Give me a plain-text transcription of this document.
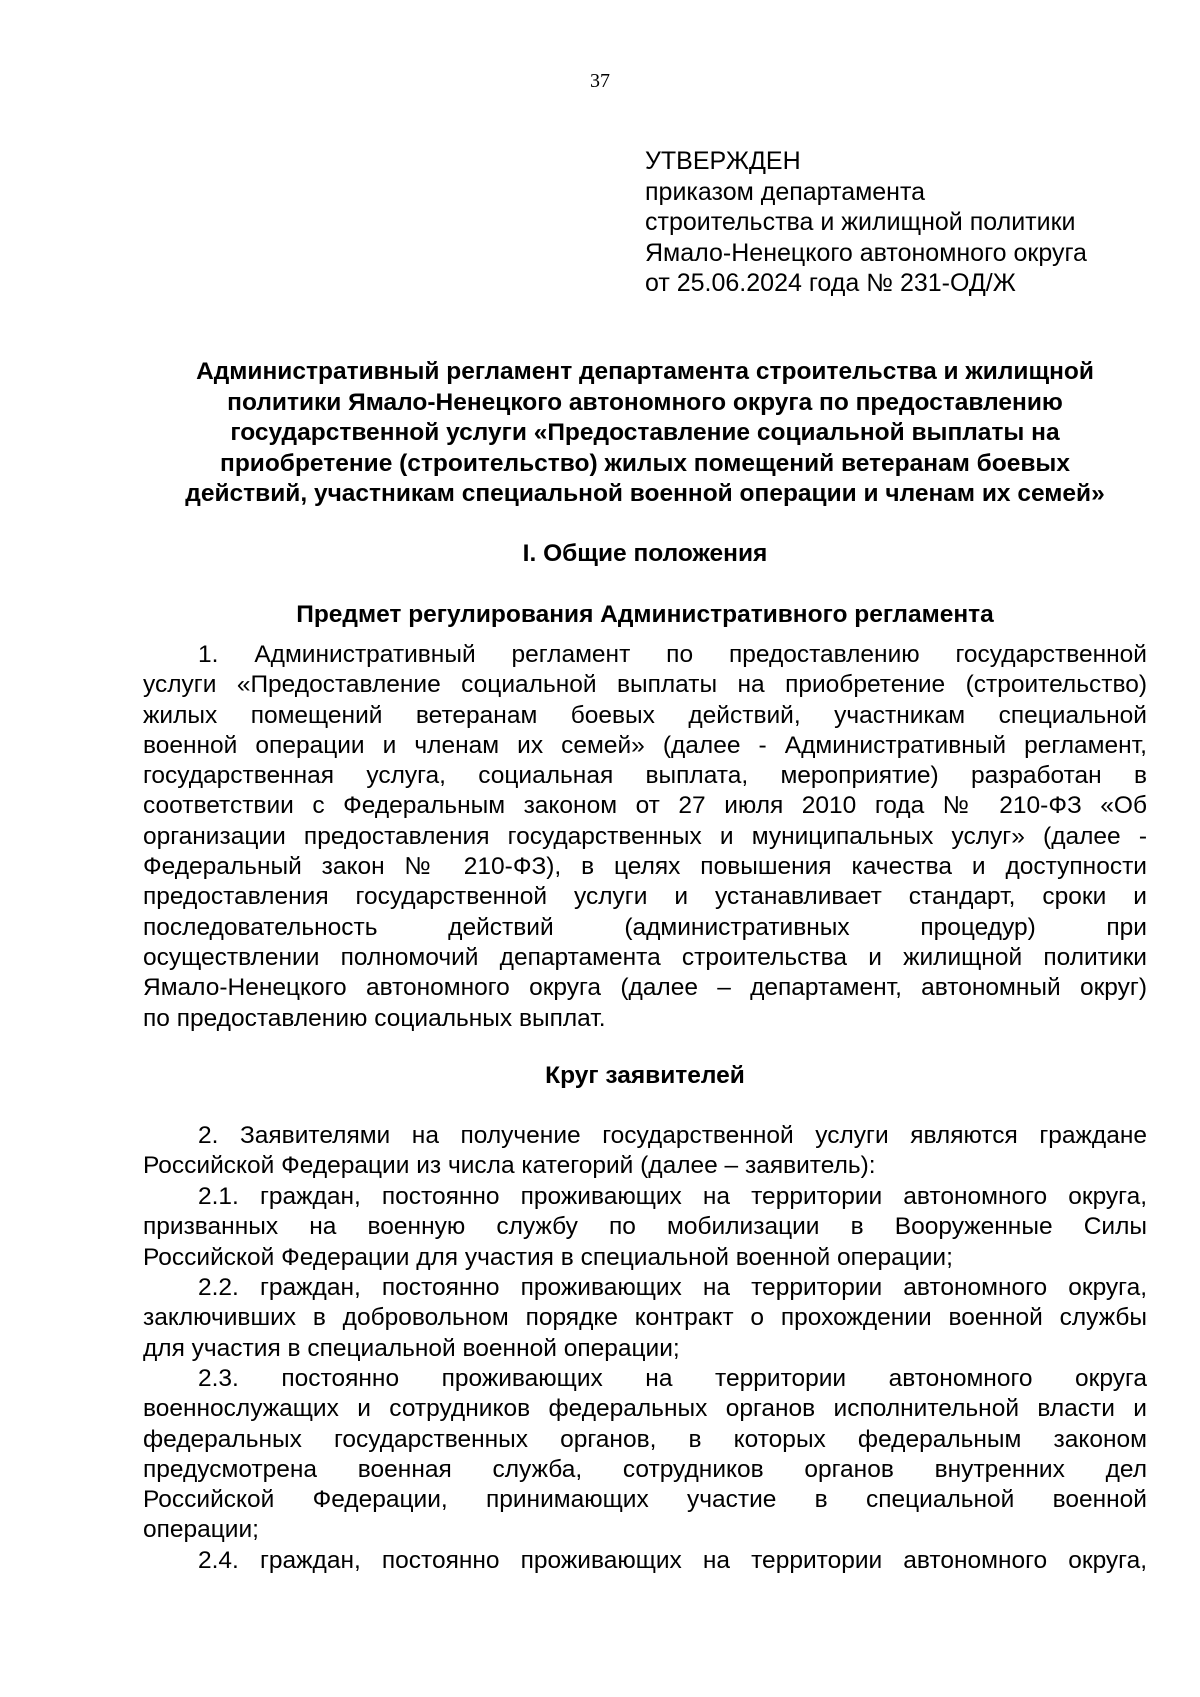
37
УТВЕРЖДЕН
приказом департамента
строительства и жилищной политики
Ямало-Ненецкого автономного округа
от 25.06.2024 года № 231-ОД/Ж
Административный регламент департамента строительства и жилищной
политики Ямало-Ненецкого автономного округа по предоставлению
государственной услуги «Предоставление социальной выплаты на
приобретение (строительство) жилых помещений ветеранам боевых
действий, участникам специальной военной операции и членам их семей»
I. Общие положения
Предмет регулирования Административного регламента
1. Административный регламент по предоставлению государственной
услуги «Предоставление социальной выплаты на приобретение (строительство)
жилых помещений ветеранам боевых действий, участникам специальной
военной операции и членам их семей» (далее - Административный регламент,
государственная услуга, социальная выплата, мероприятие) разработан в
соответствии с Федеральным законом от 27 июля 2010 года № 210-ФЗ «Об
организации предоставления государственных и муниципальных услуг» (далее -
Федеральный закон № 210-ФЗ), в целях повышения качества и доступности
предоставления государственной услуги и устанавливает стандарт, сроки и
последовательность действий (административных процедур) при
осуществлении полномочий департамента строительства и жилищной политики
Ямало-Ненецкого автономного округа (далее – департамент, автономный округ)
по предоставлению социальных выплат.
Круг заявителей
2. Заявителями на получение государственной услуги являются граждане
Российской Федерации из числа категорий (далее – заявитель):
2.1. граждан, постоянно проживающих на территории автономного округа,
призванных на военную службу по мобилизации в Вооруженные Силы
Российской Федерации для участия в специальной военной операции;
2.2. граждан, постоянно проживающих на территории автономного округа,
заключивших в добровольном порядке контракт о прохождении военной службы
для участия в специальной военной операции;
2.3. постоянно проживающих на территории автономного округа
военнослужащих и сотрудников федеральных органов исполнительной власти и
федеральных государственных органов, в которых федеральным законом
предусмотрена военная служба, сотрудников органов внутренних дел
Российской Федерации, принимающих участие в специальной военной
операции;
2.4. граждан, постоянно проживающих на территории автономного округа,
